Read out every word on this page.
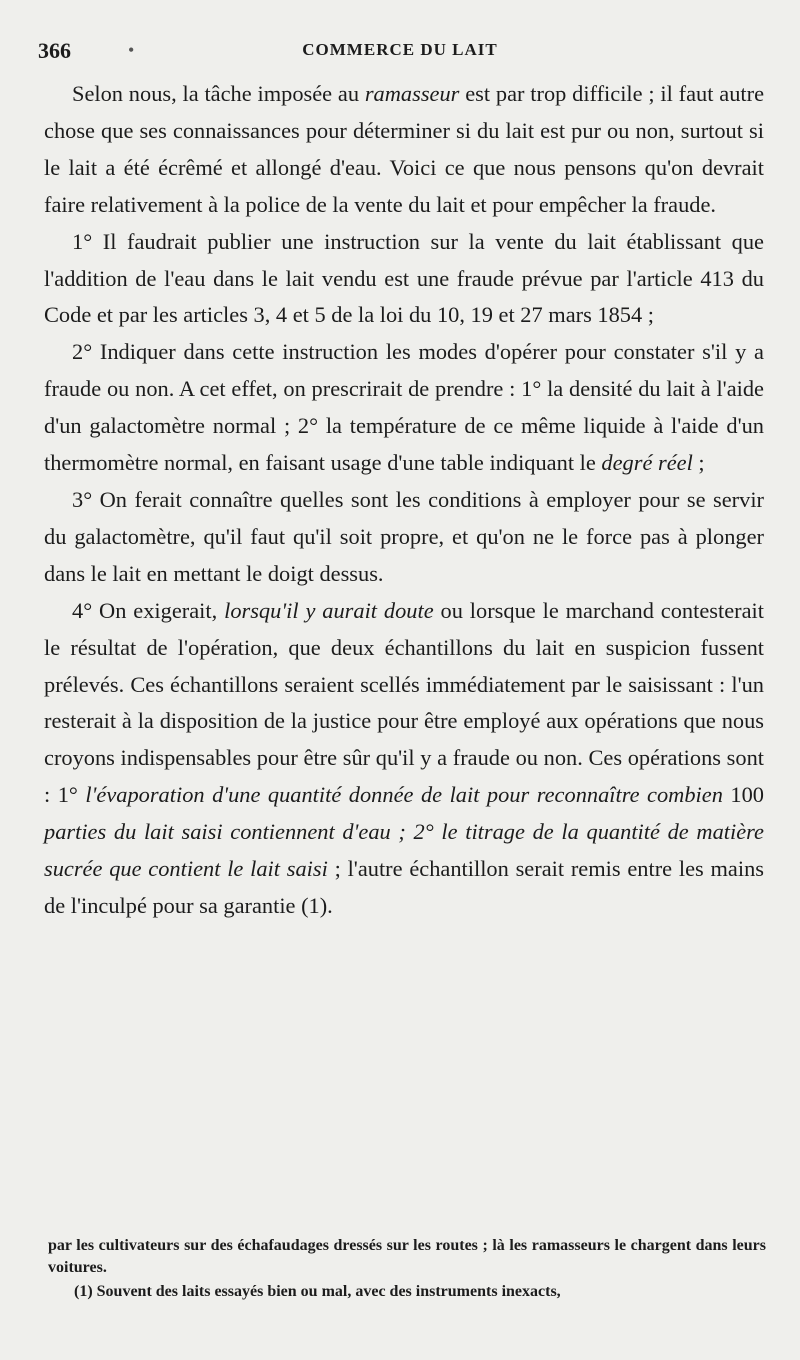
366	•	COMMERCE DU LAIT

Selon nous, la tâche imposée au ramasseur est par trop difficile ; il faut autre chose que ses connaissances pour déterminer si du lait est pur ou non, surtout si le lait a été écrêmé et allongé d'eau. Voici ce que nous pensons qu'on devrait faire relativement à la police de la vente du lait et pour empêcher la fraude.

1° Il faudrait publier une instruction sur la vente du lait établissant que l'addition de l'eau dans le lait vendu est une fraude prévue par l'article 413 du Code et par les articles 3, 4 et 5 de la loi du 10, 19 et 27 mars 1854 ;

2° Indiquer dans cette instruction les modes d'opérer pour constater s'il y a fraude ou non. A cet effet, on prescrirait de prendre : 1° la densité du lait à l'aide d'un galactomètre normal ; 2° la température de ce même liquide à l'aide d'un thermomètre normal, en faisant usage d'une table indiquant le degré réel ;

3° On ferait connaître quelles sont les conditions à employer pour se servir du galactomètre, qu'il faut qu'il soit propre, et qu'on ne le force pas à plonger dans le lait en mettant le doigt dessus.

4° On exigerait, lorsqu'il y aurait doute ou lorsque le marchand contesterait le résultat de l'opération, que deux échantillons du lait en suspicion fussent prélevés. Ces échantillons seraient scellés immédiatement par le saisissant : l'un resterait à la disposition de la justice pour être employé aux opérations que nous croyons indispensables pour être sûr qu'il y a fraude ou non. Ces opérations sont : 1° l'évaporation d'une quantité donnée de lait pour reconnaître combien 100 parties du lait saisi contiennent d'eau ; 2° le titrage de la quantité de matière sucrée que contient le lait saisi ; l'autre échantillon serait remis entre les mains de l'inculpé pour sa garantie (1).

par les cultivateurs sur des échafaudages dressés sur les routes ; là les ramasseurs le chargent dans leurs voitures.

(1) Souvent des laits essayés bien ou mal, avec des instruments inexacts,
